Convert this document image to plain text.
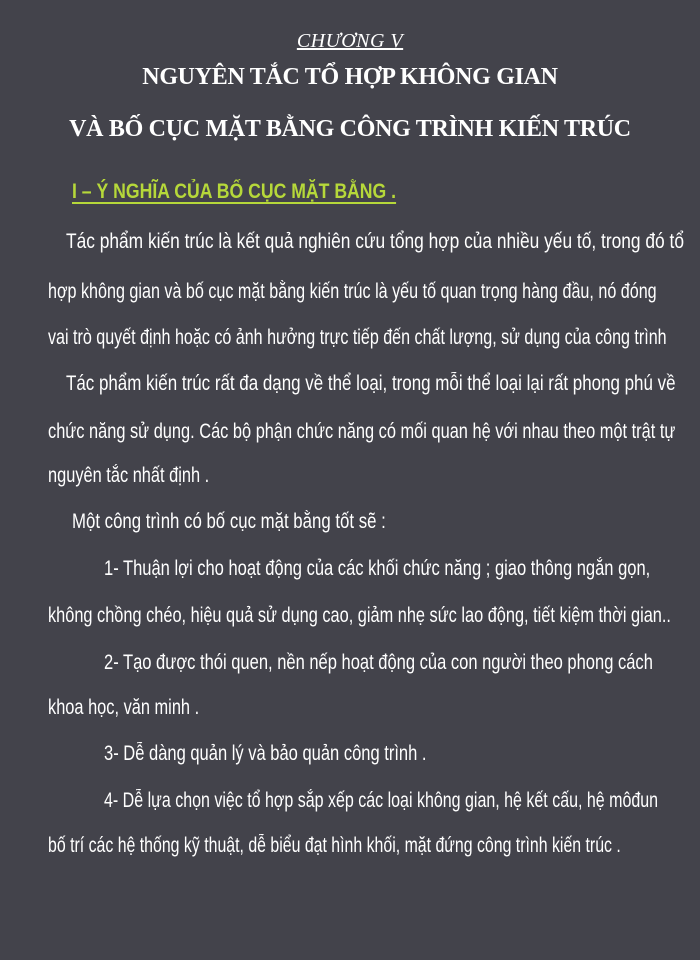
CHƯƠNG V
NGUYÊN TẮC TỔ HỢP KHÔNG GIAN
VÀ BỐ CỤC MẶT BẰNG CÔNG TRÌNH KIẾN TRÚC
I – Ý NGHĨA CỦA BỐ CỤC MẶT BẰNG .
Tác phẩm kiến trúc là kết quả nghiên cứu tổng hợp của nhiều yếu tố, trong đó tổ
hợp không gian và bố cục mặt bằng kiến trúc là yếu tố quan trọng hàng đầu, nó đóng
vai trò quyết định hoặc có ảnh hưởng trực tiếp đến chất lượng, sử dụng của công trình
Tác phẩm kiến trúc rất đa dạng về thể loại, trong mỗi thể loại lại rất phong phú về
chức năng sử dụng. Các bộ phận chức năng có mối quan hệ với nhau theo một trật tự
nguyên tắc nhất định .
Một công trình có bố cục mặt bằng tốt sẽ :
1- Thuận lợi cho hoạt động của các khối chức năng ; giao thông ngắn gọn,
không chồng chéo, hiệu quả sử dụng cao, giảm nhẹ sức lao động, tiết kiệm thời gian..
2- Tạo được thói quen, nền nếp hoạt động của con người theo phong cách
khoa học, văn minh .
3- Dễ dàng quản lý và bảo quản công trình .
4- Dễ lựa chọn việc tổ hợp sắp xếp các loại không gian, hệ kết cấu, hệ môđun
bố trí các hệ thống kỹ thuật, dễ biểu đạt hình khối, mặt đứng công trình kiến trúc .
